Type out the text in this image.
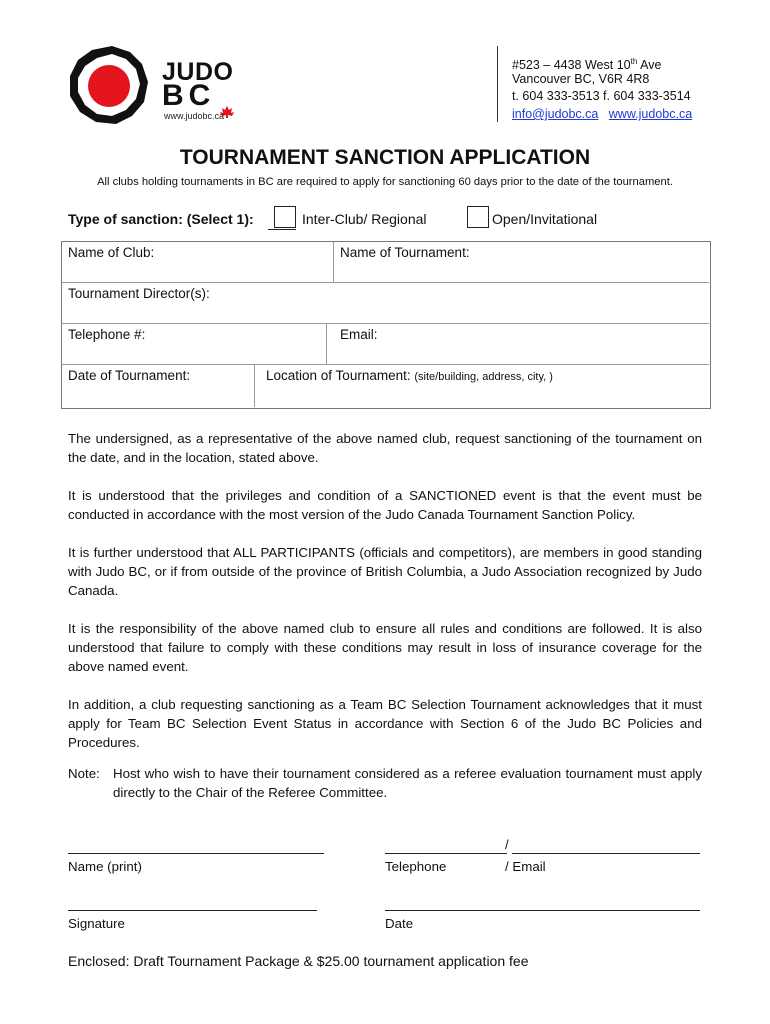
JUDO
BC
www.judobc.ca
#523 – 4438 West 10th Ave
Vancouver BC, V6R 4R8
t. 604 333-3513 f. 604 333-3514
info@judobc.ca www.judobc.ca
TOURNAMENT SANCTION APPLICATION
All clubs holding tournaments in BC are required to apply for sanctioning 60 days prior to the date of the tournament.
Type of sanction: (Select 1):	Inter-Club/ Regional	Open/Invitational
Name of Club:	Name of Tournament:
Tournament Director(s):
Telephone #:	Email:
Date of Tournament:	Location of Tournament: (site/building, address, city, )
The undersigned, as a representative of the above named club, request sanctioning of the tournament on the date, and in the location, stated above.
It is understood that the privileges and condition of a SANCTIONED event is that the event must be conducted in accordance with the most version of the Judo Canada Tournament Sanction Policy.
It is further understood that ALL PARTICIPANTS (officials and competitors), are members in good standing with Judo BC, or if from outside of the province of British Columbia, a Judo Association recognized by Judo Canada.
It is the responsibility of the above named club to ensure all rules and conditions are followed. It is also understood that failure to comply with these conditions may result in loss of insurance coverage for the above named event.
In addition, a club requesting sanctioning as a Team BC Selection Tournament acknowledges that it must apply for Team BC Selection Event Status in accordance with Section 6 of the Judo BC Policies and Procedures.
Note: Host who wish to have their tournament considered as a referee evaluation tournament must apply directly to the Chair of the Referee Committee.
Name (print)
/
Telephone	/ Email
Signature	Date
Enclosed: Draft Tournament Package & $25.00 tournament application fee
